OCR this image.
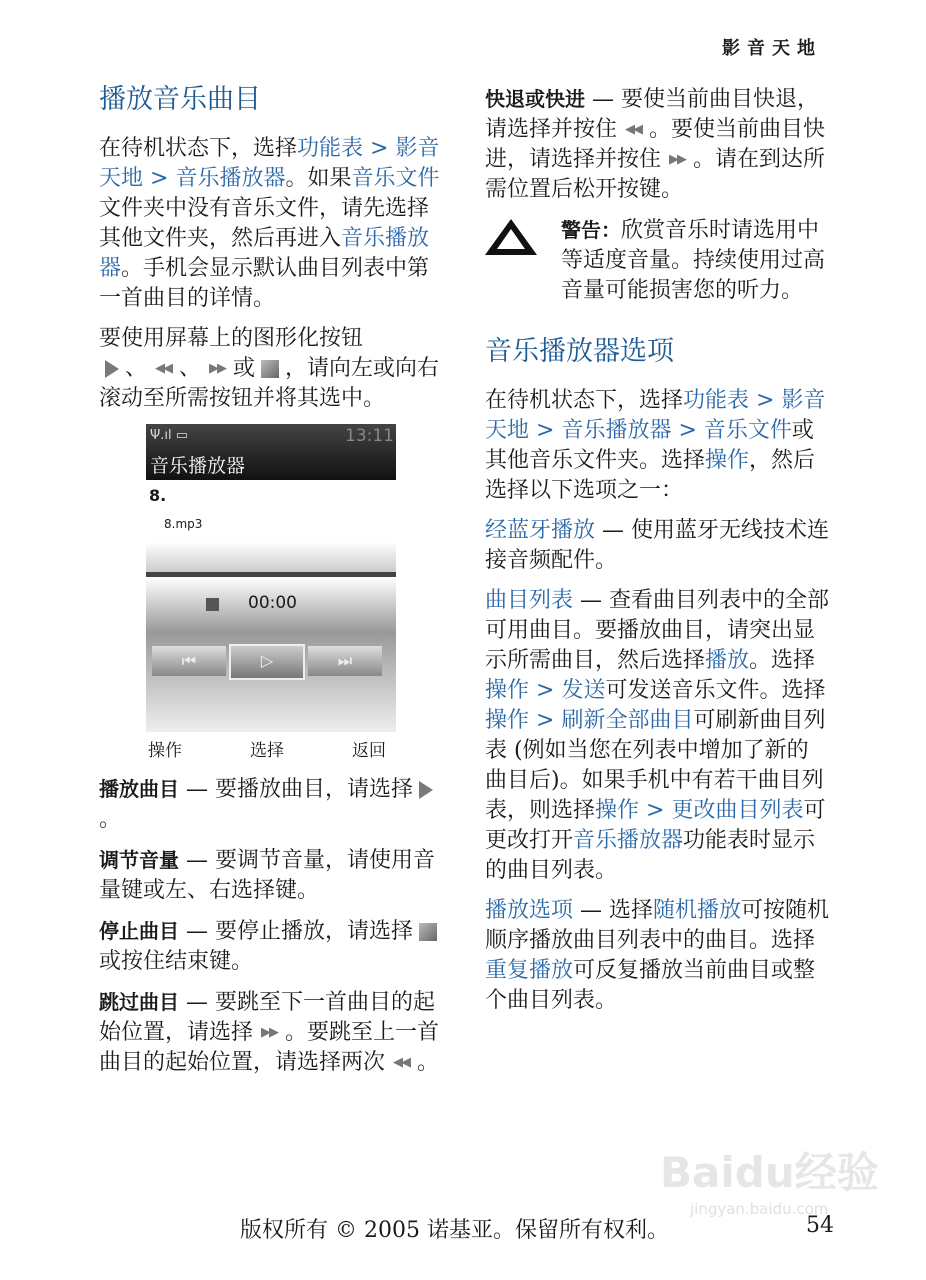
影音天地
播放音乐曲目

在待机状态下，选择功能表 > 影音天地 > 音乐播放器。如果音乐文件文件夹中没有音乐文件，请先选择其他文件夹，然后再进入音乐播放器。手机会显示默认曲目列表中第一首曲目的详情。

要使用屏幕上的图形化按钮
、 ◀◀ 、 ▶▶ 或 ，请向左或向右滚动至所需按钮并将其选中。

Ψ.ıl ▭	13:11
音乐播放器
8.
8.mp3
00:00
⏮	▷	⏭
操作	选择	返回

播放曲目 — 要播放曲目，请选择。

调节音量 — 要调节音量，请使用音量键或左、右选择键。

停止曲目 — 要停止播放，请选择或按住结束键。

跳过曲目 — 要跳至下一首曲目的起始位置，请选择 ▶▶ 。要跳至上一首曲目的起始位置，请选择两次 ◀◀ 。

快退或快进 — 要使当前曲目快退，请选择并按住 ◀◀ 。要使当前曲目快进，请选择并按住 ▶▶ 。请在到达所需位置后松开按键。

警告：欣赏音乐时请选用中等适度音量。持续使用过高音量可能损害您的听力。

音乐播放器选项

在待机状态下，选择功能表 > 影音天地 > 音乐播放器 > 音乐文件或其他音乐文件夹。选择操作，然后选择以下选项之一：

经蓝牙播放 — 使用蓝牙无线技术连接音频配件。

曲目列表 — 查看曲目列表中的全部可用曲目。要播放曲目，请突出显示所需曲目，然后选择播放。选择操作 > 发送可发送音乐文件。选择操作 > 刷新全部曲目可刷新曲目列表 (例如当您在列表中增加了新的曲目后)。如果手机中有若干曲目列表，则选择操作 > 更改曲目列表可更改打开音乐播放器功能表时显示的曲目列表。

播放选项 — 选择随机播放可按随机顺序播放曲目列表中的曲目。选择重复播放可反复播放当前曲目或整个曲目列表。

Baidu经验
jingyan.baidu.com
版权所有 © 2005 诺基亚。保留所有权利。	54
